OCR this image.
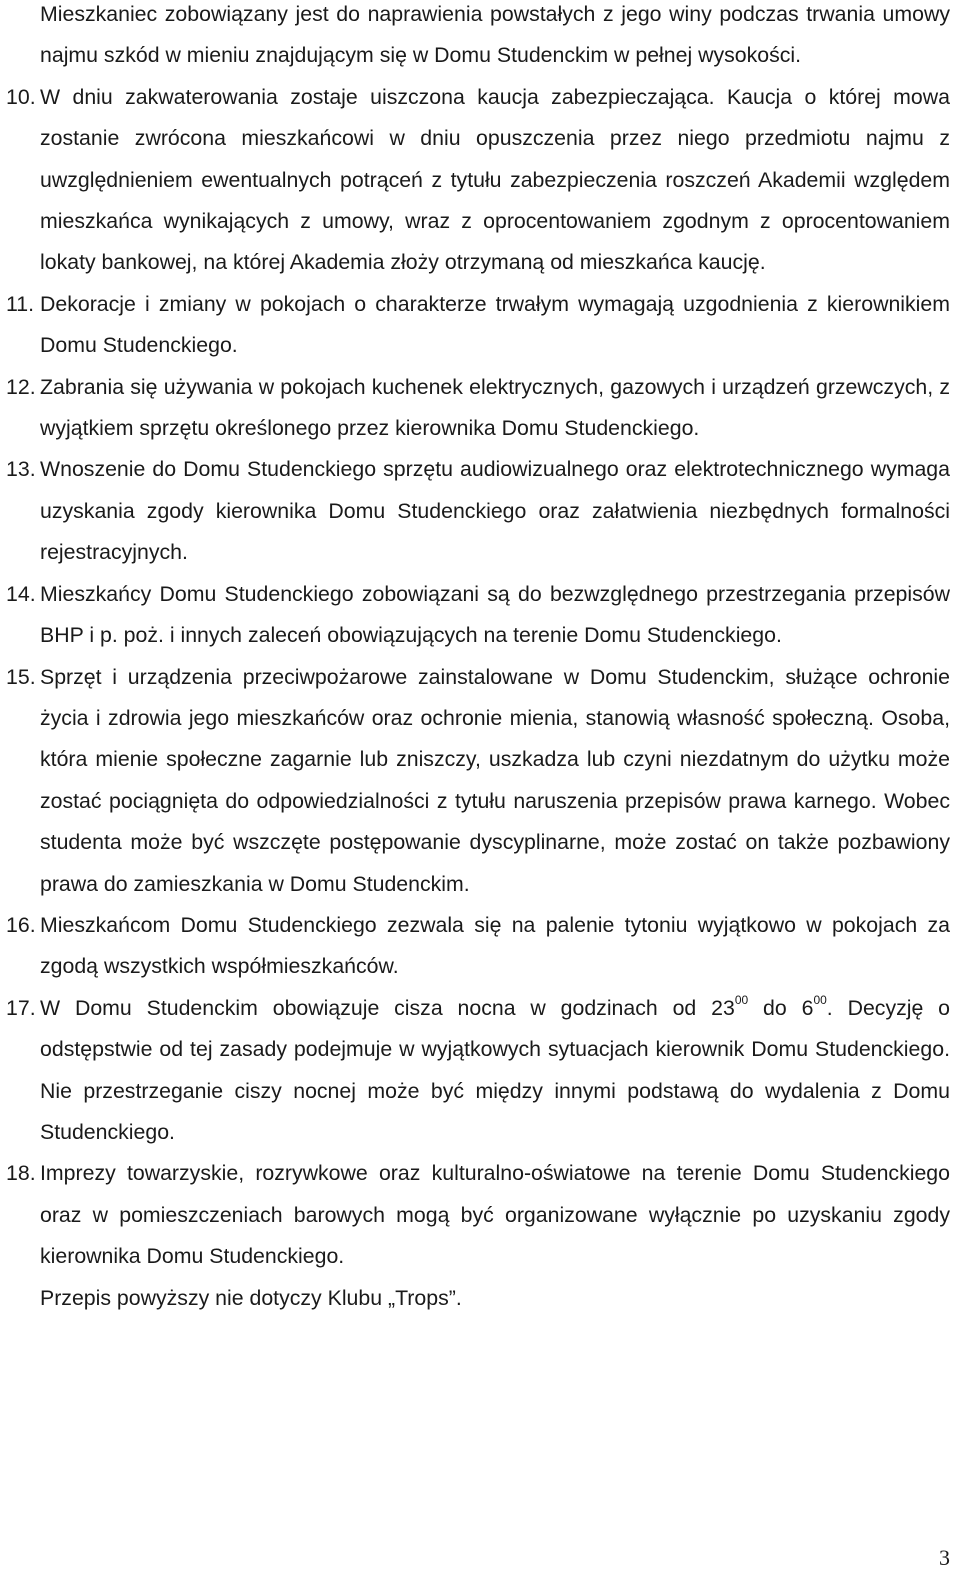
Mieszkaniec zobowiązany jest do naprawienia powstałych z jego winy podczas trwania umowy najmu szkód w mieniu znajdującym się w Domu Studenckim w pełnej wysokości.

10. W dniu zakwaterowania zostaje uiszczona kaucja zabezpieczająca. Kaucja o której mowa zostanie zwrócona mieszkańcowi w dniu opuszczenia przez niego przedmiotu najmu z uwzględnieniem ewentualnych potrąceń z tytułu zabezpieczenia roszczeń Akademii względem mieszkańca wynikających z umowy, wraz z oprocentowaniem zgodnym z oprocentowaniem lokaty bankowej, na której Akademia złoży otrzymaną od mieszkańca kaucję.
11. Dekoracje i zmiany w pokojach o charakterze trwałym wymagają uzgodnienia z kierownikiem Domu Studenckiego.
12. Zabrania się używania w pokojach kuchenek elektrycznych, gazowych i urządzeń grzewczych, z wyjątkiem sprzętu określonego przez kierownika Domu Studenckiego.
13. Wnoszenie do Domu Studenckiego sprzętu audiowizualnego oraz elektrotechnicznego wymaga uzyskania zgody kierownika Domu Studenckiego oraz załatwienia niezbędnych formalności rejestracyjnych.
14. Mieszkańcy Domu Studenckiego zobowiązani są do bezwzględnego przestrzegania przepisów BHP i p. poż. i innych zaleceń obowiązujących na terenie Domu Studenckiego.
15. Sprzęt i urządzenia przeciwpożarowe zainstalowane w Domu Studenckim, służące ochronie życia i zdrowia jego mieszkańców oraz ochronie mienia, stanowią własność społeczną. Osoba, która mienie społeczne zagarnie lub zniszczy, uszkadza lub czyni niezdatnym do użytku może zostać pociągnięta do odpowiedzialności z tytułu naruszenia przepisów prawa karnego. Wobec studenta może być wszczęte postępowanie dyscyplinarne, może zostać on także pozbawiony prawa do zamieszkania w Domu Studenckim.
16. Mieszkańcom Domu Studenckiego zezwala się na palenie tytoniu wyjątkowo w pokojach za zgodą wszystkich współmieszkańców.
17. W Domu Studenckim obowiązuje cisza nocna w godzinach od $23^{00}$ do $6^{00}$. Decyzję o odstępstwie od tej zasady podejmuje w wyjątkowych sytuacjach kierownik Domu Studenckiego. Nie przestrzeganie ciszy nocnej może być między innymi podstawą do wydalenia z Domu Studenckiego.
18. Imprezy towarzyskie, rozrywkowe oraz kulturalno-oświatowe na terenie Domu Studenckiego oraz w pomieszczeniach barowych mogą być organizowane wyłącznie po uzyskaniu zgody kierownika Domu Studenckiego.

Przepis powyższy nie dotyczy Klubu „Trops”.

3
